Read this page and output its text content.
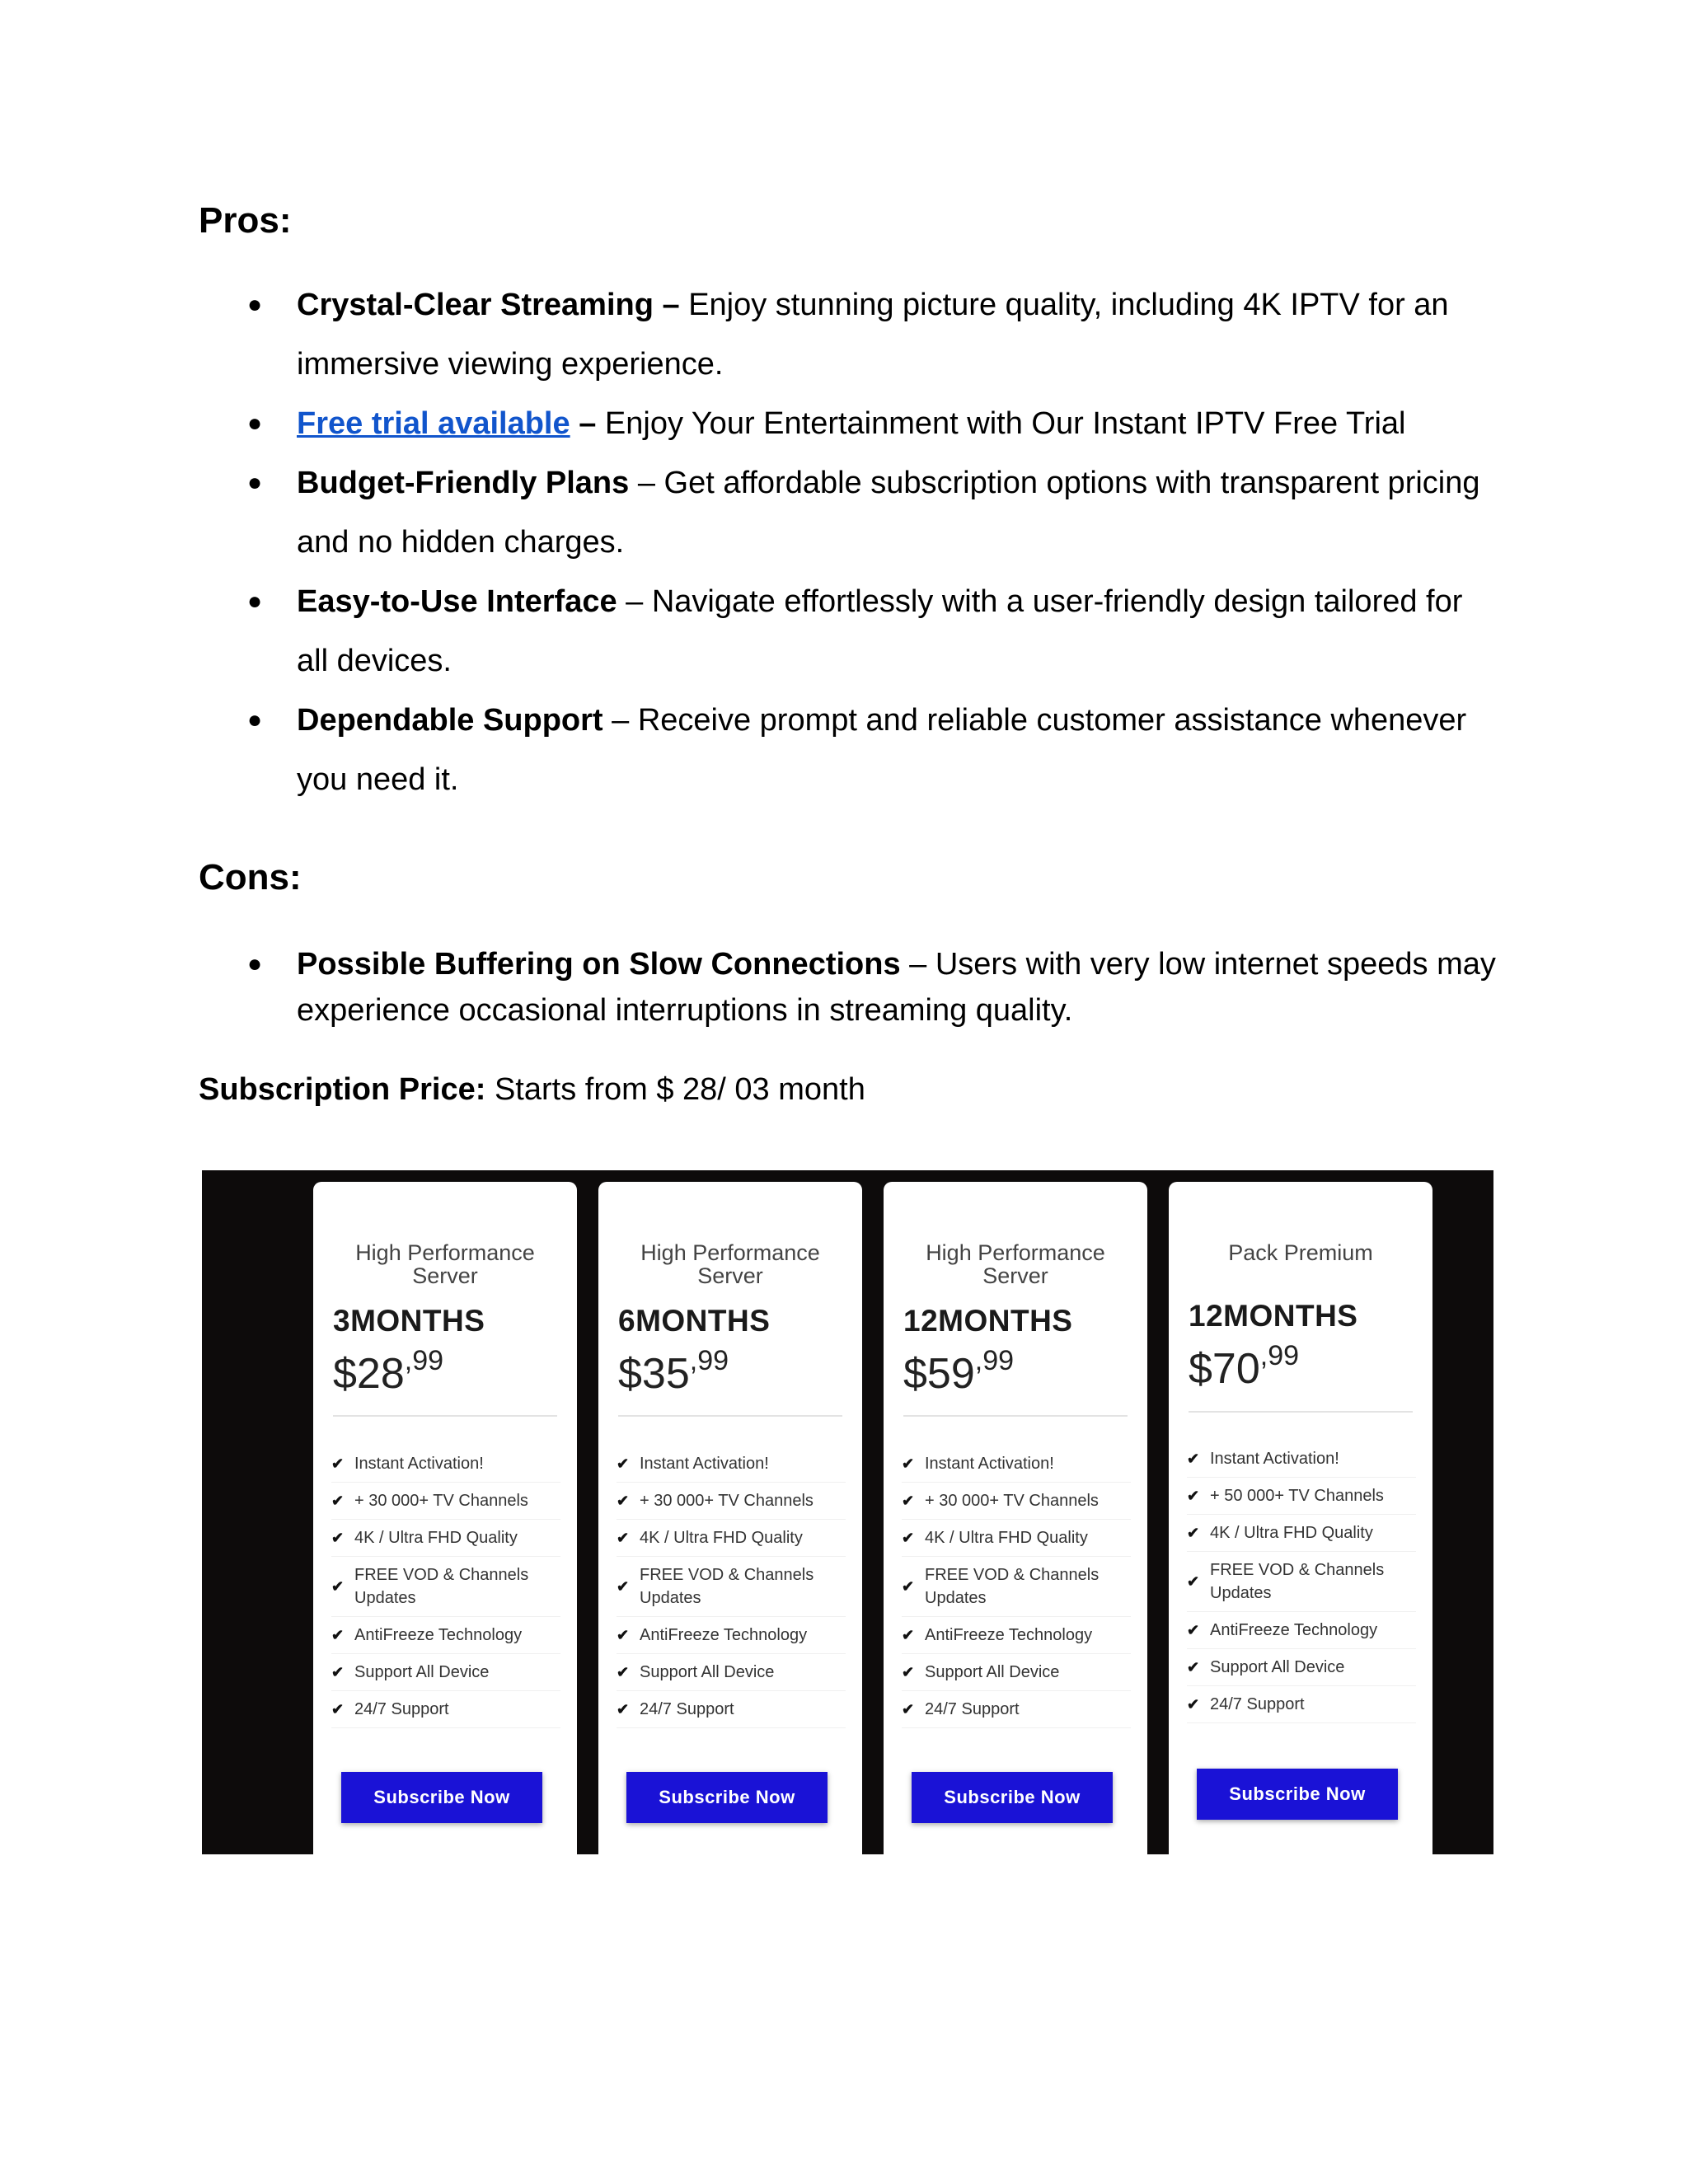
Pros:
● Crystal-Clear Streaming – Enjoy stunning picture quality, including 4K IPTV for an immersive viewing experience.
● Free trial available – Enjoy Your Entertainment with Our Instant IPTV Free Trial
● Budget-Friendly Plans – Get affordable subscription options with transparent pricing and no hidden charges.
● Easy-to-Use Interface – Navigate effortlessly with a user-friendly design tailored for all devices.
● Dependable Support – Receive prompt and reliable customer assistance whenever you need it.
Cons:
● Possible Buffering on Slow Connections – Users with very low internet speeds may experience occasional interruptions in streaming quality.
Subscription Price: Starts from $ 28/ 03 month
High Performance Server
3MONTHS
$28,99
✔ Instant Activation!
✔ + 30 000+ TV Channels
✔ 4K / Ultra FHD Quality
✔
FREE VOD & Channels Updates
✔ AntiFreeze Technology
✔ Support All Device
✔ 24/7 Support
Subscribe Now
High Performance Server
6MONTHS
$35,99
✔ Instant Activation!
✔ + 30 000+ TV Channels
✔ 4K / Ultra FHD Quality
✔
FREE VOD & Channels Updates
✔ AntiFreeze Technology
✔ Support All Device
✔ 24/7 Support
Subscribe Now
High Performance Server
12MONTHS
$59,99
✔ Instant Activation!
✔ + 30 000+ TV Channels
✔ 4K / Ultra FHD Quality
✔
FREE VOD & Channels Updates
✔ AntiFreeze Technology
✔ Support All Device
✔ 24/7 Support
Subscribe Now
Pack Premium
12MONTHS
$70,99
✔ Instant Activation!
✔ + 50 000+ TV Channels
✔ 4K / Ultra FHD Quality
✔
FREE VOD & Channels Updates
✔ AntiFreeze Technology
✔ Support All Device
✔ 24/7 Support
Subscribe Now
